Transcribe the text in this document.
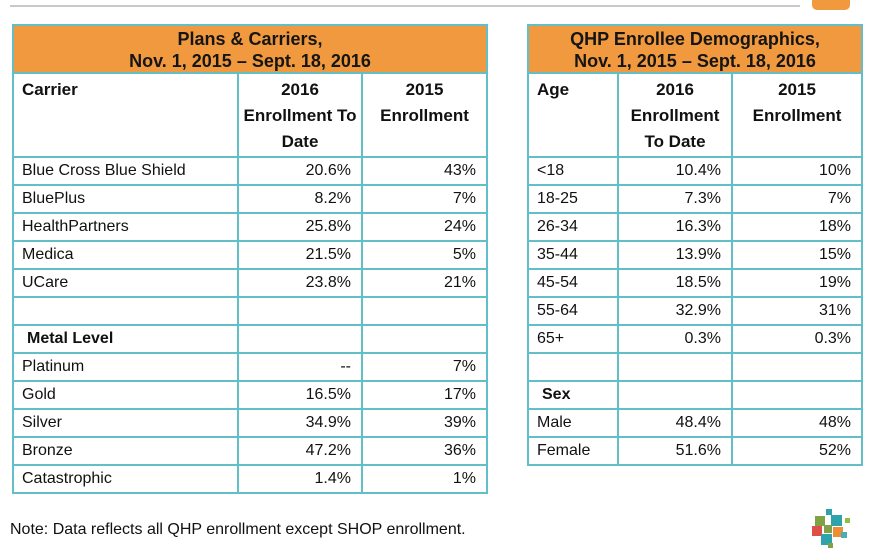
Plans & Carriers,
Nov. 1, 2015 – Sept. 18, 2016		

Carrier	2016 Enrollment To Date	2015 Enrollment
Blue Cross Blue Shield	20.6%	43%
BluePlus	8.2%	7%
HealthPartners	25.8%	24%
Medica	21.5%	5%
UCare	23.8%	21%

Metal Level		
Platinum	--	7%
Gold	16.5%	17%
Silver	34.9%	39%
Bronze	47.2%	36%
Catastrophic	1.4%	1%
QHP Enrollee Demographics,
Nov. 1, 2015 – Sept. 18, 2016		

Age	2016 Enrollment To Date	2015 Enrollment
<18	10.4%	10%
18-25	7.3%	7%
26-34	16.3%	18%
35-44	13.9%	15%
45-54	18.5%	19%
55-64	32.9%	31%
65+	0.3%	0.3%

Sex		
Male	48.4%	48%
Female	51.6%	52%
Note: Data reflects all QHP enrollment except SHOP enrollment.
